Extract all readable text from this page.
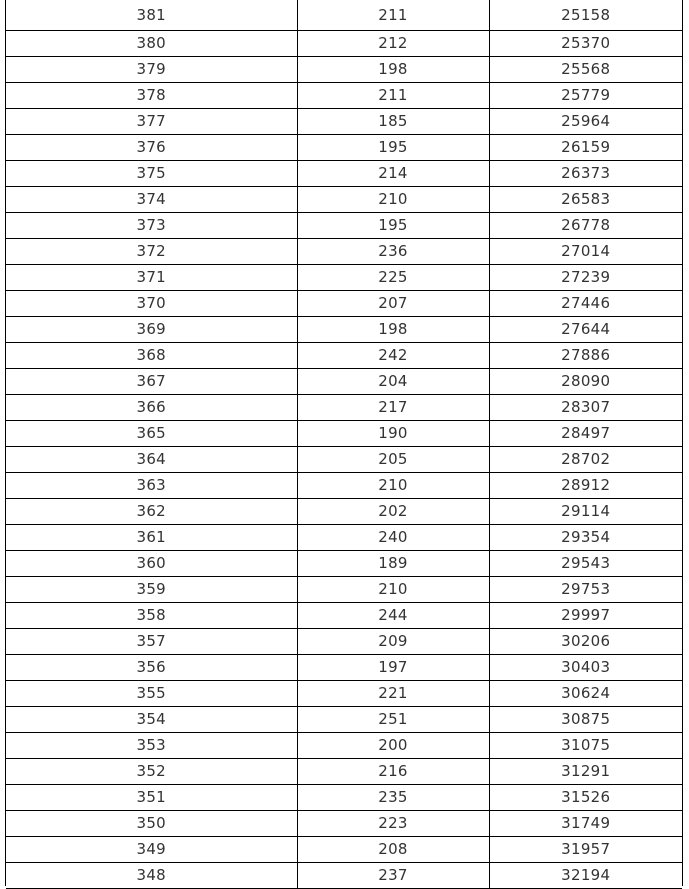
381	211	25158
380	212	25370
379	198	25568
378	211	25779
377	185	25964
376	195	26159
375	214	26373
374	210	26583
373	195	26778
372	236	27014
371	225	27239
370	207	27446
369	198	27644
368	242	27886
367	204	28090
366	217	28307
365	190	28497
364	205	28702
363	210	28912
362	202	29114
361	240	29354
360	189	29543
359	210	29753
358	244	29997
357	209	30206
356	197	30403
355	221	30624
354	251	30875
353	200	31075
352	216	31291
351	235	31526
350	223	31749
349	208	31957
348	237	32194
